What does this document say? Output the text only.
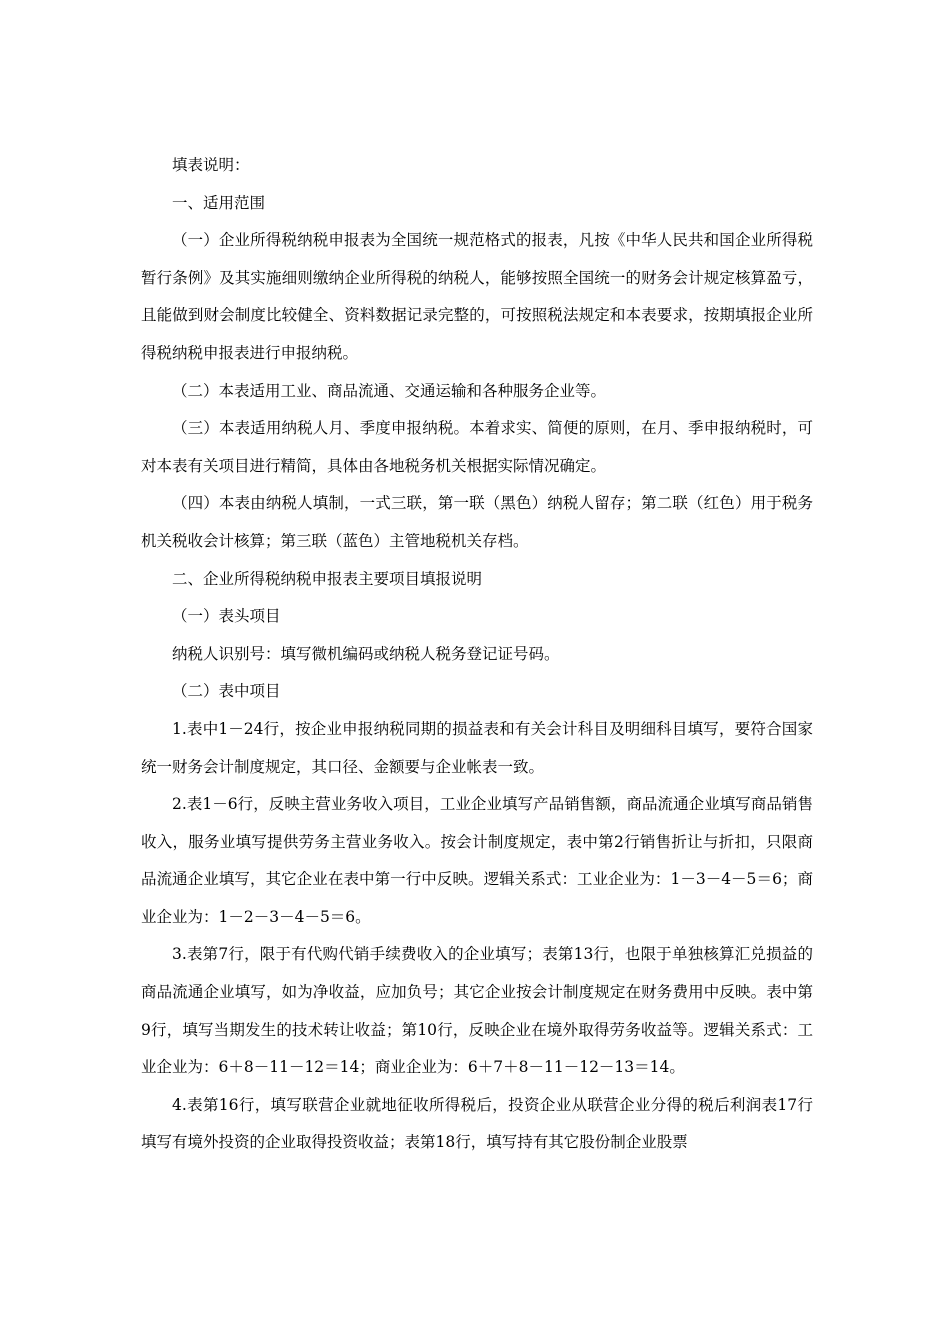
填表说明：

一、适用范围

（一）企业所得税纳税申报表为全国统一规范格式的报表，凡按《中华人民共和国企业所得税暂行条例》及其实施细则缴纳企业所得税的纳税人，能够按照全国统一的财务会计规定核算盈亏，且能做到财会制度比较健全、资料数据记录完整的，可按照税法规定和本表要求，按期填报企业所得税纳税申报表进行申报纳税。

（二）本表适用工业、商品流通、交通运输和各种服务企业等。

（三）本表适用纳税人月、季度申报纳税。本着求实、简便的原则，在月、季申报纳税时，可对本表有关项目进行精简，具体由各地税务机关根据实际情况确定。

（四）本表由纳税人填制，一式三联，第一联（黑色）纳税人留存；第二联（红色）用于税务机关税收会计核算；第三联（蓝色）主管地税机关存档。

二、企业所得税纳税申报表主要项目填报说明

（一）表头项目

纳税人识别号：填写微机编码或纳税人税务登记证号码。

（二）表中项目

1.表中1－24行，按企业申报纳税同期的损益表和有关会计科目及明细科目填写，要符合国家统一财务会计制度规定，其口径、金额要与企业帐表一致。

2.表1－6行，反映主营业务收入项目，工业企业填写产品销售额，商品流通企业填写商品销售收入，服务业填写提供劳务主营业务收入。按会计制度规定，表中第2行销售折让与折扣，只限商品流通企业填写，其它企业在表中第一行中反映。逻辑关系式：工业企业为：1－3－4－5＝6；商业企业为：1－2－3－4－5＝6。

3.表第7行，限于有代购代销手续费收入的企业填写；表第13行，也限于单独核算汇兑损益的商品流通企业填写，如为净收益，应加负号；其它企业按会计制度规定在财务费用中反映。表中第9行，填写当期发生的技术转让收益；第10行，反映企业在境外取得劳务收益等。逻辑关系式：工业企业为：6＋8－11－12＝14；商业企业为：6＋7＋8－11－12－13＝14。

4.表第16行，填写联营企业就地征收所得税后，投资企业从联营企业分得的税后利润表17行填写有境外投资的企业取得投资收益；表第18行，填写持有其它股份制企业股票
